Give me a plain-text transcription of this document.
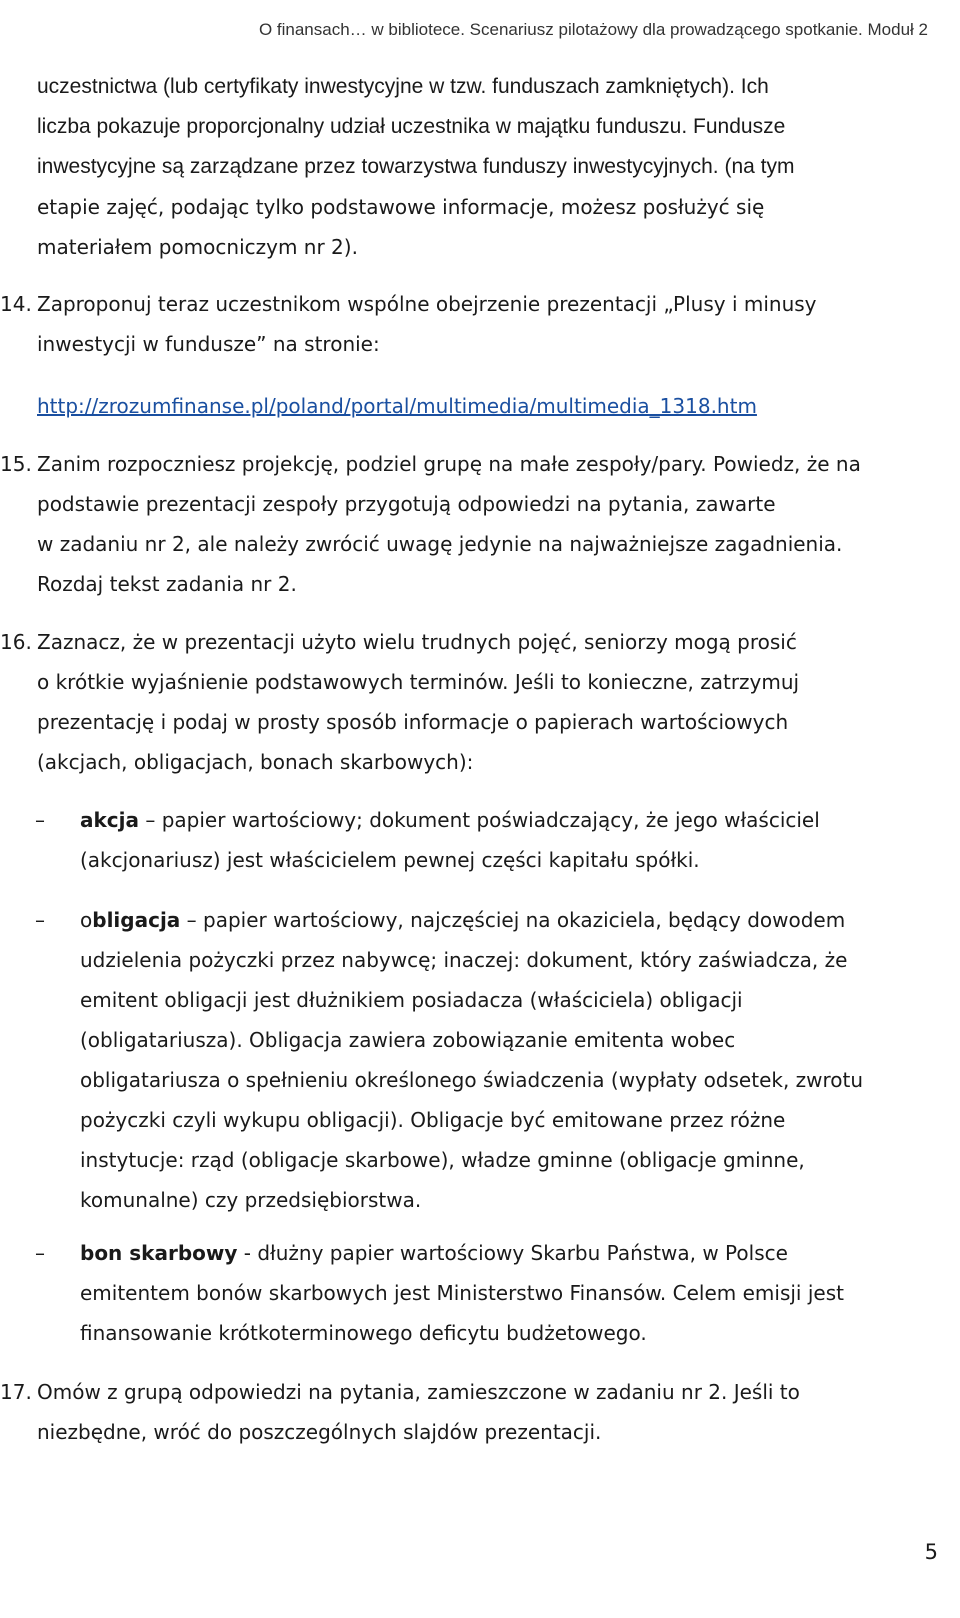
O finansach… w bibliotece. Scenariusz pilotażowy dla prowadzącego spotkanie. Moduł 2
uczestnictwa (lub certyfikaty inwestycyjne w tzw. funduszach zamkniętych). Ich
liczba pokazuje proporcjonalny udział uczestnika w majątku funduszu. Fundusze
inwestycyjne są zarządzane przez towarzystwa funduszy inwestycyjnych. (na tym
etapie zajęć, podając tylko podstawowe informacje, możesz posłużyć się
materiałem pomocniczym nr 2).
14. Zaproponuj teraz uczestnikom wspólne obejrzenie prezentacji „Plusy i minusy
inwestycji w fundusze” na stronie:
http://zrozumfinanse.pl/poland/portal/multimedia/multimedia_1318.htm
15. Zanim rozpoczniesz projekcję, podziel grupę na małe zespoły/pary. Powiedz, że na
podstawie prezentacji zespoły przygotują odpowiedzi na pytania, zawarte
w zadaniu nr 2, ale należy zwrócić uwagę jedynie na najważniejsze zagadnienia.
Rozdaj tekst zadania nr 2.
16. Zaznacz, że w prezentacji użyto wielu trudnych pojęć, seniorzy mogą prosić
o krótkie wyjaśnienie podstawowych terminów. Jeśli to konieczne, zatrzymuj
prezentację i podaj w prosty sposób informacje o papierach wartościowych
(akcjach, obligacjach, bonach skarbowych):
– akcja – papier wartościowy; dokument poświadczający, że jego właściciel
(akcjonariusz) jest właścicielem pewnej części kapitału spółki.
– obligacja – papier wartościowy, najczęściej na okaziciela, będący dowodem
udzielenia pożyczki przez nabywcę; inaczej: dokument, który zaświadcza, że
emitent obligacji jest dłużnikiem posiadacza (właściciela) obligacji
(obligatariusza). Obligacja zawiera zobowiązanie emitenta wobec
obligatariusza o spełnieniu określonego świadczenia (wypłaty odsetek, zwrotu
pożyczki czyli wykupu obligacji). Obligacje być emitowane przez różne
instytucje: rząd (obligacje skarbowe), władze gminne (obligacje gminne,
komunalne) czy przedsiębiorstwa.
– bon skarbowy - dłużny papier wartościowy Skarbu Państwa, w Polsce
emitentem bonów skarbowych jest Ministerstwo Finansów. Celem emisji jest
finansowanie krótkoterminowego deficytu budżetowego.
17. Omów z grupą odpowiedzi na pytania, zamieszczone w zadaniu nr 2. Jeśli to
niezbędne, wróć do poszczególnych slajdów prezentacji.
5
